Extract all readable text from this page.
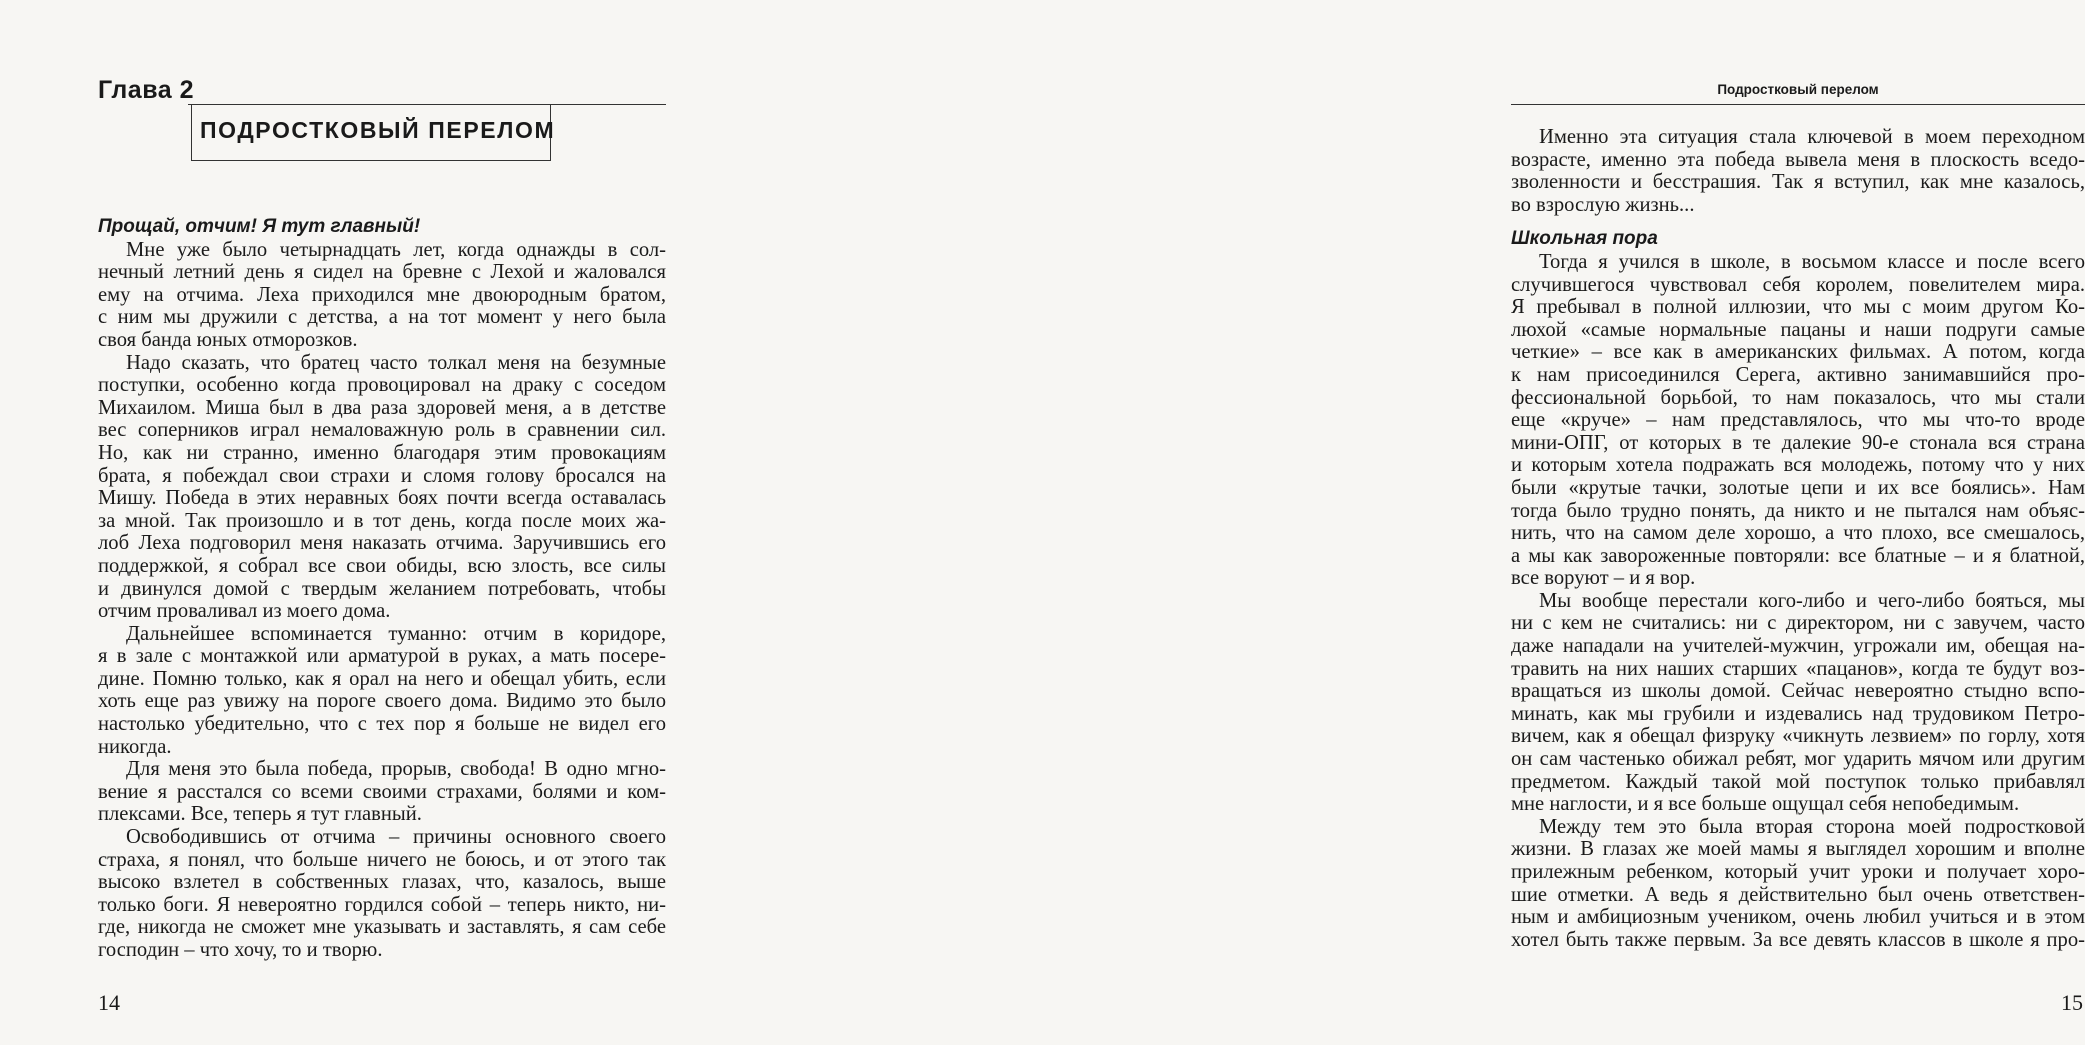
Глава 2
ПОДРОСТКОВЫЙ ПЕРЕЛОМ
Прощай, отчим! Я тут главный!
Мне уже было четырнадцать лет, когда однажды в сол-
нечный летний день я сидел на бревне с Лехой и жаловался
ему на отчима. Леха приходился мне двоюродным братом,
с ним мы дружили с детства, а на тот момент у него была
своя банда юных отморозков.
Надо сказать, что братец часто толкал меня на безумные
поступки, особенно когда провоцировал на драку с соседом
Михаилом. Миша был в два раза здоровей меня, а в детстве
вес соперников играл немаловажную роль в сравнении сил.
Но, как ни странно, именно благодаря этим провокациям
брата, я побеждал свои страхи и сломя голову бросался на
Мишу. Победа в этих неравных боях почти всегда оставалась
за мной. Так произошло и в тот день, когда после моих жа-
лоб Леха подговорил меня наказать отчима. Заручившись его
поддержкой, я собрал все свои обиды, всю злость, все силы
и двинулся домой с твердым желанием потребовать, чтобы
отчим проваливал из моего дома.
Дальнейшее вспоминается туманно: отчим в коридоре,
я в зале с монтажкой или арматурой в руках, а мать посере-
дине. Помню только, как я орал на него и обещал убить, если
хоть еще раз увижу на пороге своего дома. Видимо это было
настолько убедительно, что с тех пор я больше не видел его
никогда.
Для меня это была победа, прорыв, свобода! В одно мгно-
вение я расстался со всеми своими страхами, болями и ком-
плексами. Все, теперь я тут главный.
Освободившись от отчима – причины основного своего
страха, я понял, что больше ничего не боюсь, и от этого так
высоко взлетел в собственных глазах, что, казалось, выше
только боги. Я невероятно гордился собой – теперь никто, ни-
где, никогда не сможет мне указывать и заставлять, я сам себе
господин – что хочу, то и творю.
14
Подростковый перелом
Именно эта ситуация стала ключевой в моем переходном
возрасте, именно эта победа вывела меня в плоскость вседо-
зволенности и бесстрашия. Так я вступил, как мне казалось,
во взрослую жизнь...
Школьная пора
Тогда я учился в школе, в восьмом классе и после всего
случившегося чувствовал себя королем, повелителем мира.
Я пребывал в полной иллюзии, что мы с моим другом Ко-
люхой «самые нормальные пацаны и наши подруги самые
четкие» – все как в американских фильмах. А потом, когда
к нам присоединился Серега, активно занимавшийся про-
фессиональной борьбой, то нам показалось, что мы стали
еще «круче» – нам представлялось, что мы что-то вроде
мини-ОПГ, от которых в те далекие 90-е стонала вся страна
и которым хотела подражать вся молодежь, потому что у них
были «крутые тачки, золотые цепи и их все боялись». Нам
тогда было трудно понять, да никто и не пытался нам объяс-
нить, что на самом деле хорошо, а что плохо, все смешалось,
а мы как завороженные повторяли: все блатные – и я блатной,
все воруют – и я вор.
Мы вообще перестали кого-либо и чего-либо бояться, мы
ни с кем не считались: ни с директором, ни с завучем, часто
даже нападали на учителей-мужчин, угрожали им, обещая на-
травить на них наших старших «пацанов», когда те будут воз-
вращаться из школы домой. Сейчас невероятно стыдно вспо-
минать, как мы грубили и издевались над трудовиком Петро-
вичем, как я обещал физруку «чикнуть лезвием» по горлу, хотя
он сам частенько обижал ребят, мог ударить мячом или другим
предметом. Каждый такой мой поступок только прибавлял
мне наглости, и я все больше ощущал себя непобедимым.
Между тем это была вторая сторона моей подростковой
жизни. В глазах же моей мамы я выглядел хорошим и вполне
прилежным ребенком, который учит уроки и получает хоро-
шие отметки. А ведь я действительно был очень ответствен-
ным и амбициозным учеником, очень любил учиться и в этом
хотел быть также первым. За все девять классов в школе я про-
15
